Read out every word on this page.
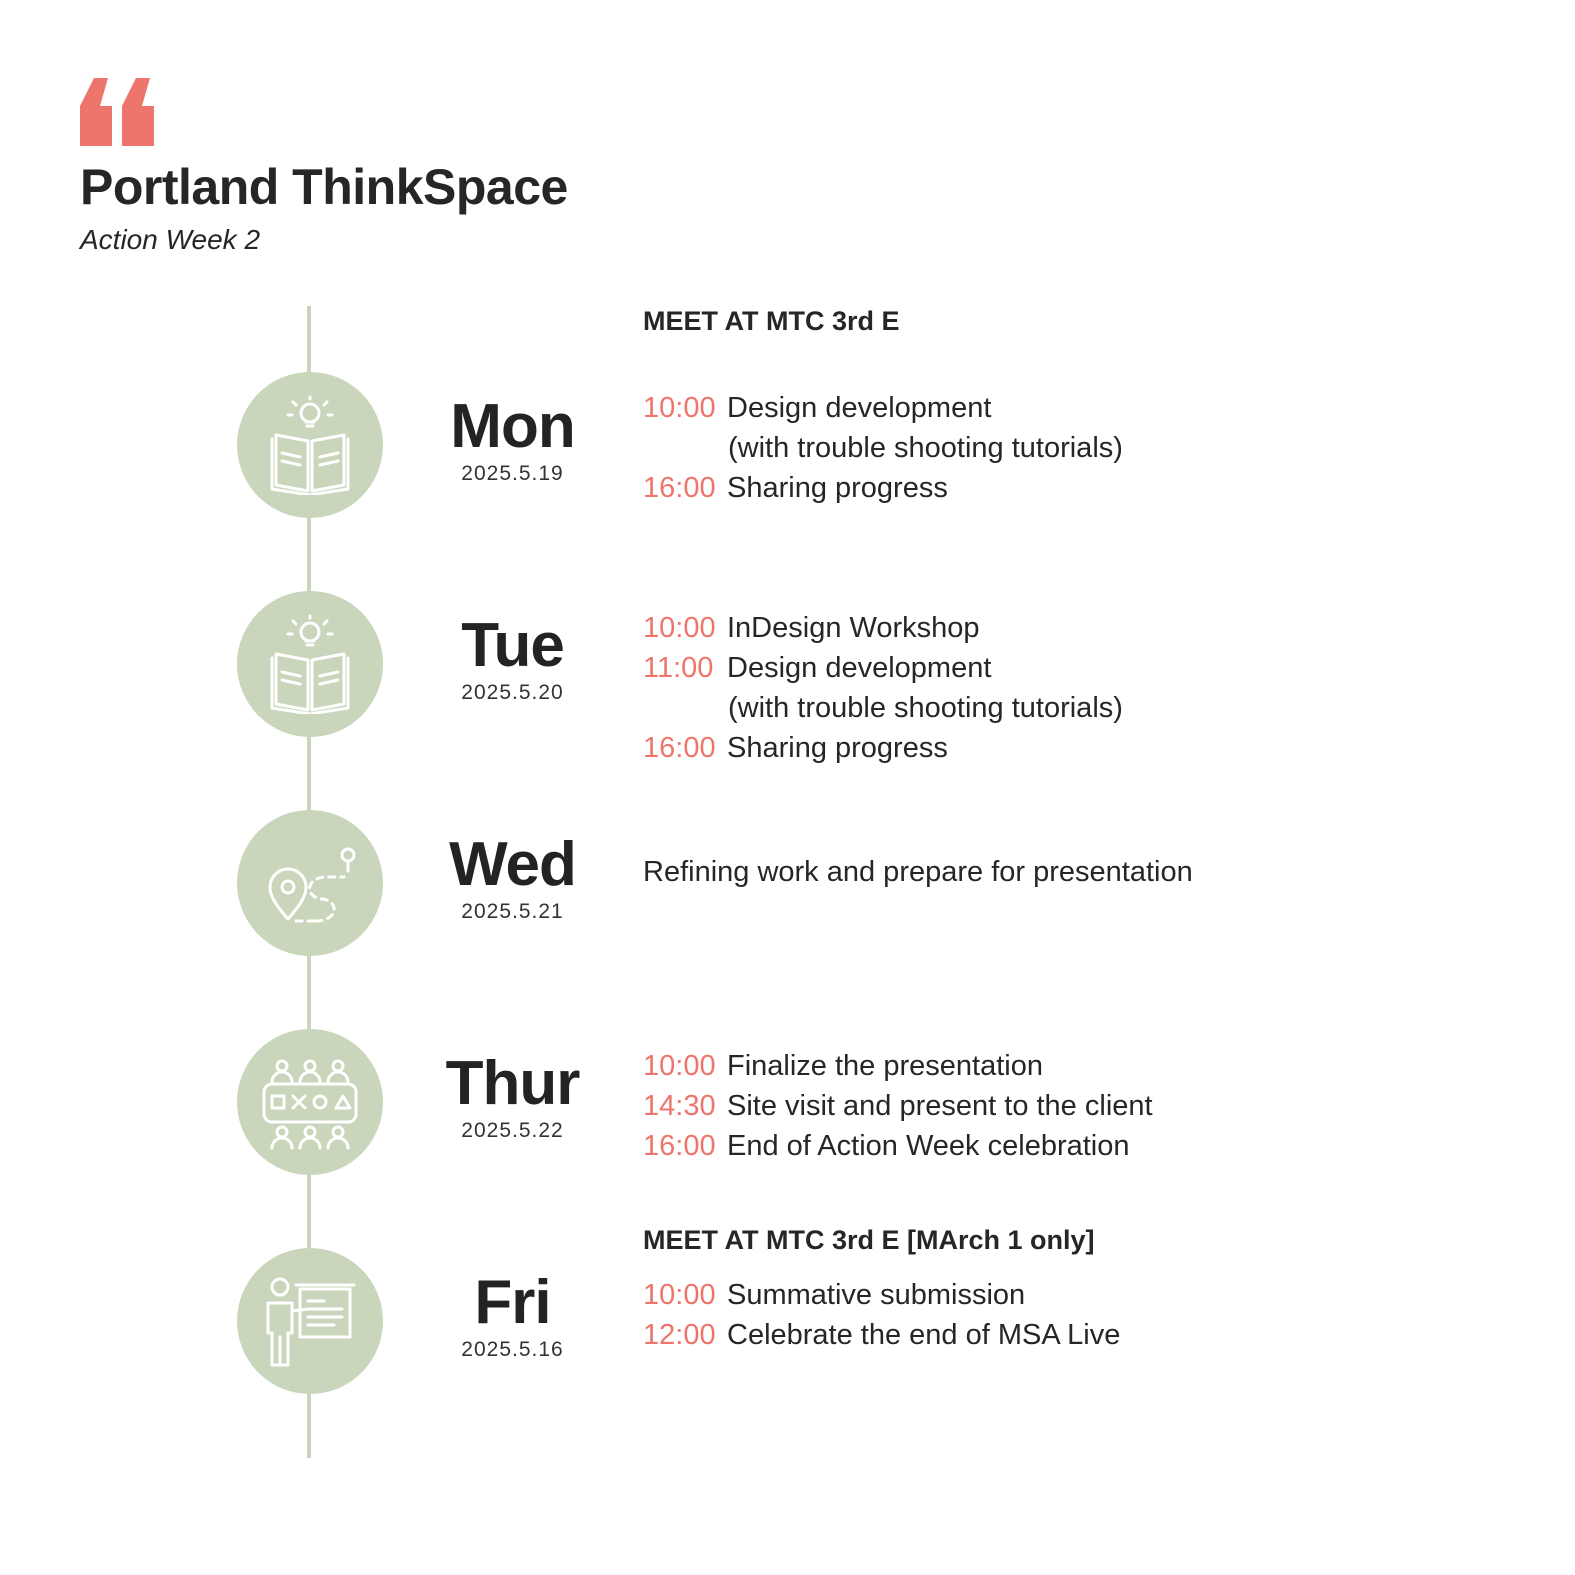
Portland ThinkSpace
Action Week 2
MEET AT MTC 3rd E
Mon
2025.5.19
10:00 Design development
(with trouble shooting tutorials)
16:00 Sharing progress
Tue
2025.5.20
10:00 InDesign Workshop
11:00 Design development
(with trouble shooting tutorials)
16:00 Sharing progress
Wed
2025.5.21
Refining work and prepare for presentation
Thur
2025.5.22
10:00 Finalize the presentation
14:30 Site visit and present to the client
16:00 End of Action Week celebration
MEET AT MTC 3rd E [MArch 1 only]
Fri
2025.5.16
10:00 Summative submission
12:00 Celebrate the end of MSA Live
